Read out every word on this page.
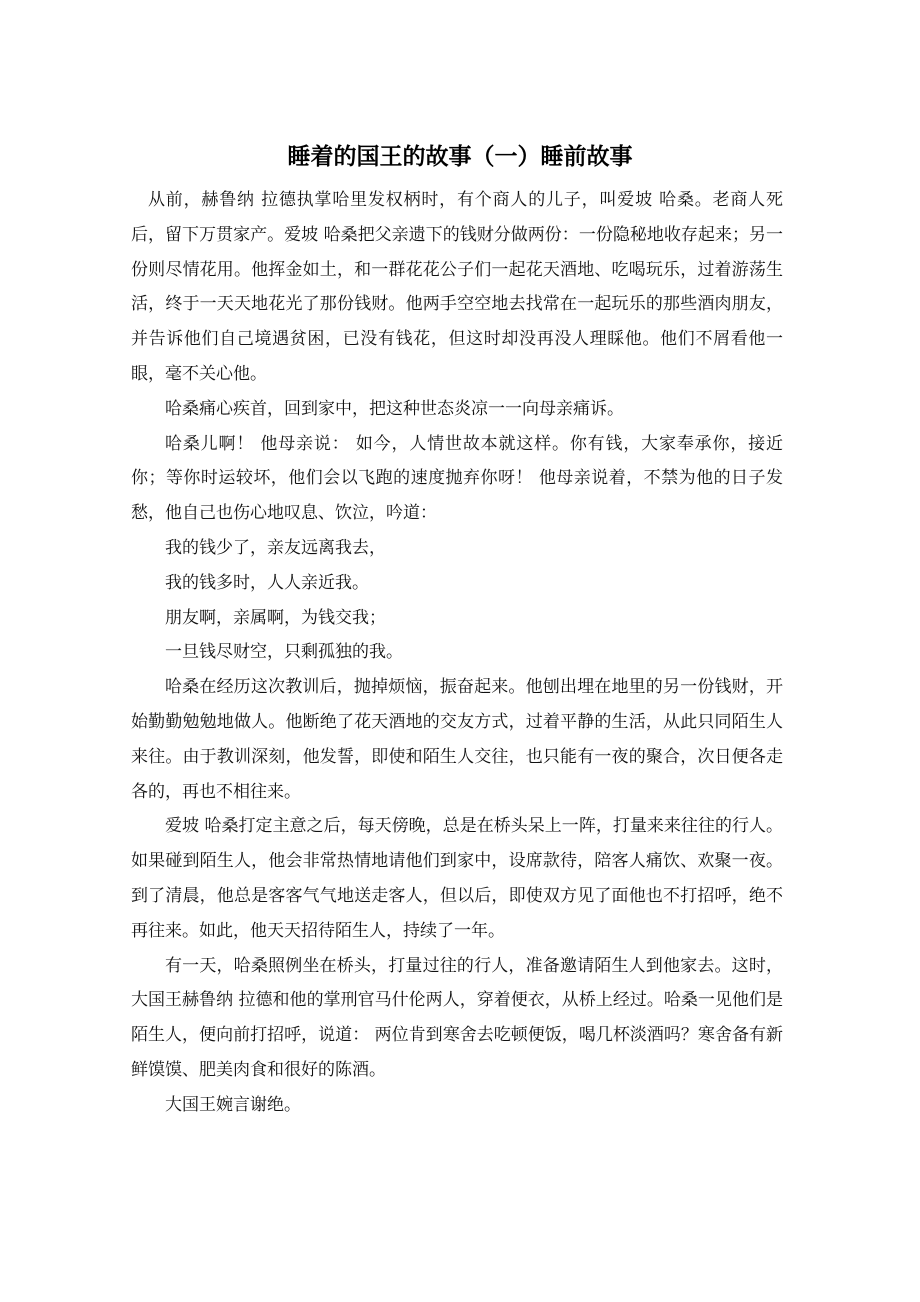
睡着的国王的故事（一）睡前故事

从前，赫鲁纳 拉德执掌哈里发权柄时，有个商人的儿子，叫爱坡 哈桑。老商人死后，留下万贯家产。爱坡 哈桑把父亲遗下的钱财分做两份：一份隐秘地收存起来；另一份则尽情花用。他挥金如土，和一群花花公子们一起花天酒地、吃喝玩乐，过着游荡生活，终于一天天地花光了那份钱财。他两手空空地去找常在一起玩乐的那些酒肉朋友，并告诉他们自己境遇贫困，已没有钱花，但这时却没再没人理睬他。他们不屑看他一眼，毫不关心他。

哈桑痛心疾首，回到家中，把这种世态炎凉一一向母亲痛诉。

哈桑儿啊！ 他母亲说： 如今，人情世故本就这样。你有钱，大家奉承你，接近你；等你时运较坏，他们会以飞跑的速度抛弃你呀！ 他母亲说着，不禁为他的日子发愁，他自己也伤心地叹息、饮泣，吟道：

我的钱少了，亲友远离我去，

我的钱多时，人人亲近我。

朋友啊，亲属啊，为钱交我；

一旦钱尽财空，只剩孤独的我。

哈桑在经历这次教训后，抛掉烦恼，振奋起来。他刨出埋在地里的另一份钱财，开始勤勤勉勉地做人。他断绝了花天酒地的交友方式，过着平静的生活，从此只同陌生人来往。由于教训深刻，他发誓，即使和陌生人交往，也只能有一夜的聚合，次日便各走各的，再也不相往来。

爱坡 哈桑打定主意之后，每天傍晚，总是在桥头呆上一阵，打量来来往往的行人。如果碰到陌生人，他会非常热情地请他们到家中，设席款待，陪客人痛饮、欢聚一夜。到了清晨，他总是客客气气地送走客人，但以后，即使双方见了面他也不打招呼，绝不再往来。如此，他天天招待陌生人，持续了一年。

有一天，哈桑照例坐在桥头，打量过往的行人，准备邀请陌生人到他家去。这时，大国王赫鲁纳 拉德和他的掌刑官马什伦两人，穿着便衣，从桥上经过。哈桑一见他们是陌生人，便向前打招呼，说道： 两位肯到寒舍去吃顿便饭，喝几杯淡酒吗？寒舍备有新鲜馍馍、肥美肉食和很好的陈酒。

大国王婉言谢绝。
